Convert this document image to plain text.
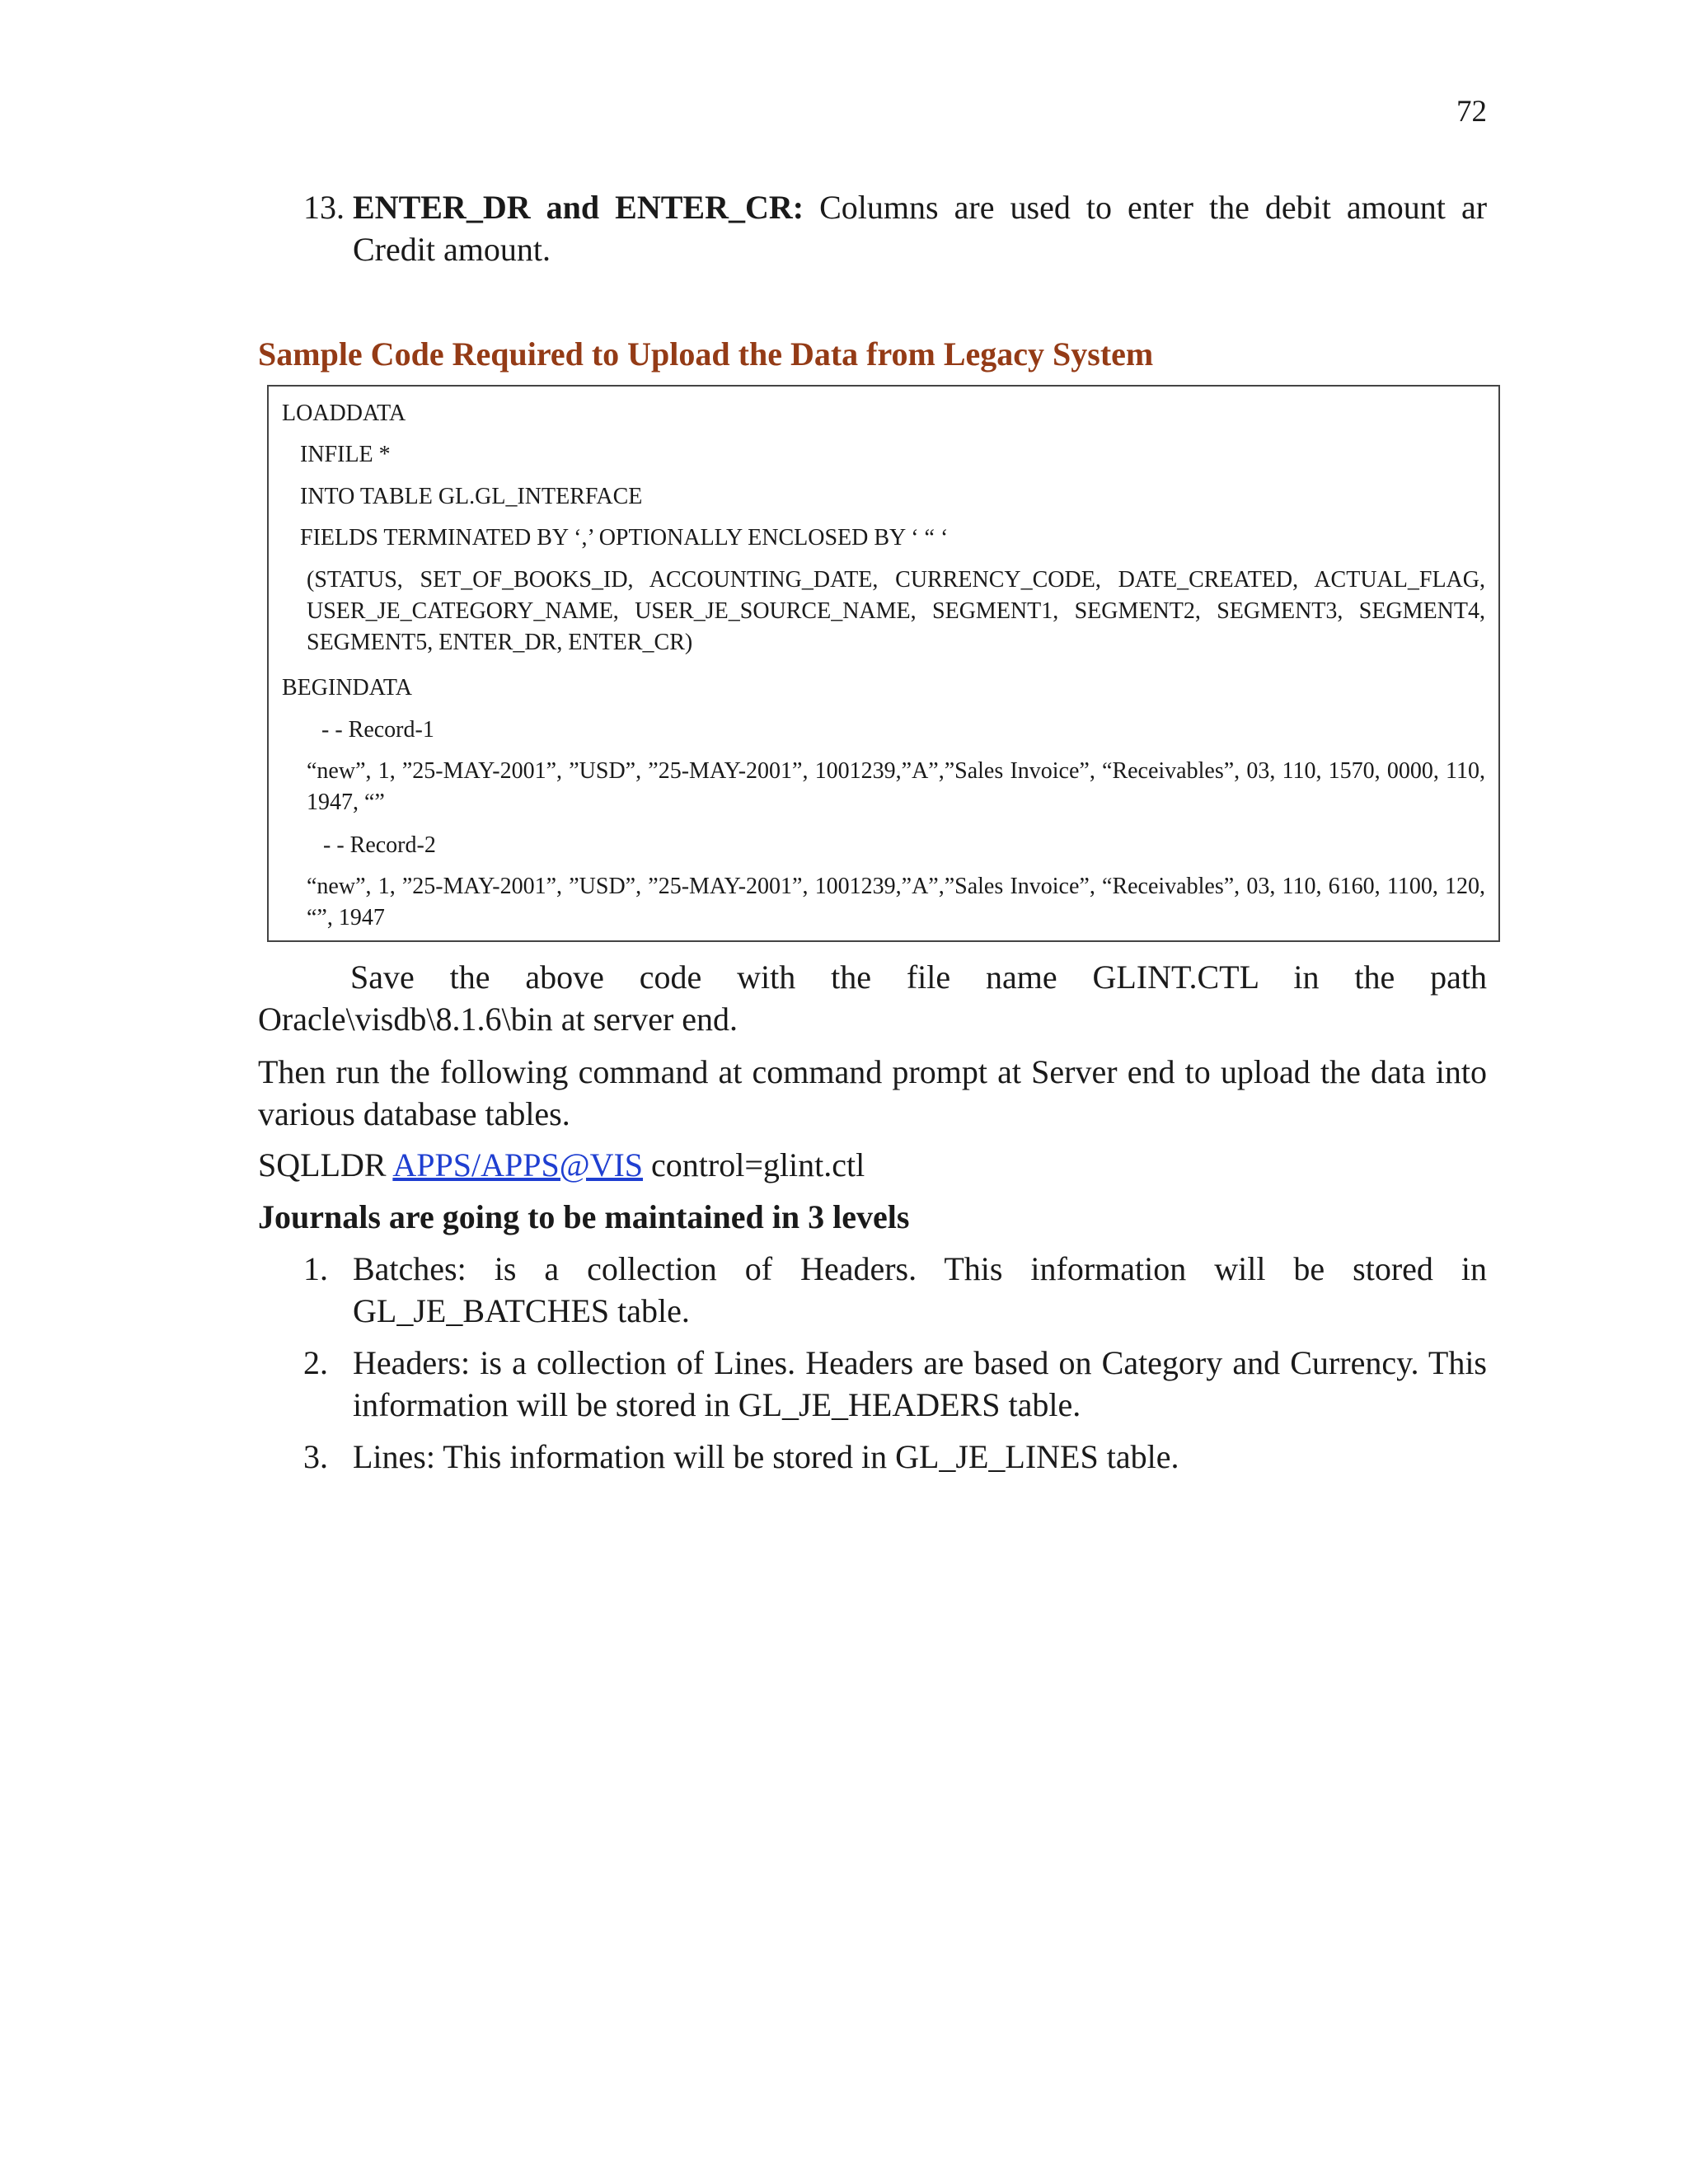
72
13. ENTER_DR and ENTER_CR: Columns are used to enter the debit amount ar Credit amount.
Sample Code Required to Upload the Data from Legacy System
LOADDATA
INFILE *
INTO TABLE GL.GL_INTERFACE
FIELDS TERMINATED BY ‘,’ OPTIONALLY ENCLOSED BY ‘ “ ‘
(STATUS, SET_OF_BOOKS_ID, ACCOUNTING_DATE, CURRENCY_CODE, DATE_CREATED, ACTUAL_FLAG, USER_JE_CATEGORY_NAME, USER_JE_SOURCE_NAME, SEGMENT1, SEGMENT2, SEGMENT3, SEGMENT4, SEGMENT5, ENTER_DR, ENTER_CR)
BEGINDATA
- - Record-1
“new”, 1, ”25-MAY-2001”, ”USD”, ”25-MAY-2001”, 1001239,”A”,”Sales Invoice”, “Receivables”, 03, 110, 1570, 0000, 110, 1947, “”
- - Record-2
“new”, 1, ”25-MAY-2001”, ”USD”, ”25-MAY-2001”, 1001239,”A”,”Sales Invoice”, “Receivables”, 03, 110, 6160, 1100, 120, “”, 1947
Save the above code with the file name GLINT.CTL in the path
Oracle\visdb\8.1.6\bin at server end.
Then run the following command at command prompt at Server end to upload the data into various database tables.
SQLLDR APPS/APPS@VIS control=glint.ctl
Journals are going to be maintained in 3 levels
1. Batches: is a collection of Headers. This information will be stored in GL_JE_BATCHES table.
2. Headers: is a collection of Lines. Headers are based on Category and Currency. This information will be stored in GL_JE_HEADERS table.
3. Lines: This information will be stored in GL_JE_LINES table.
